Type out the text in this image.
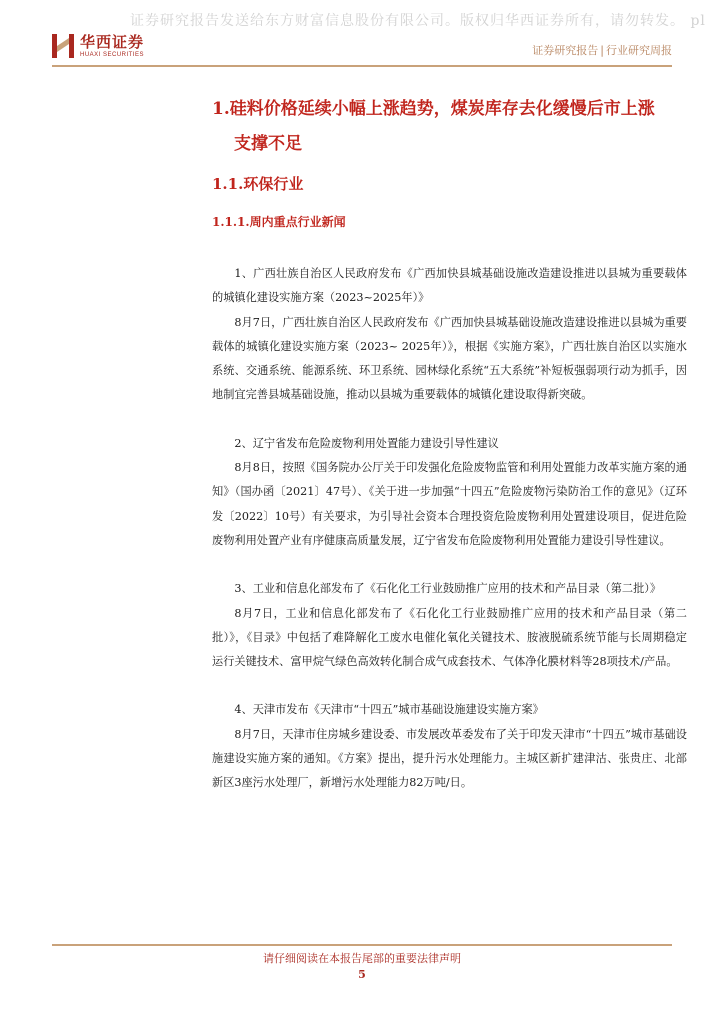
证券研究报告发送给东方财富信息股份有限公司。版权归华西证券所有，请勿转发。 pl
华西证券
HUAXI SECURITIES	证券研究报告 | 行业研究周报
1.硅料价格延续小幅上涨趋势，煤炭库存去化缓慢后市上涨
支撑不足
1.1.环保行业
1.1.1.周内重点行业新闻

1、广西壮族自治区人民政府发布《广西加快县城基础设施改造建设推进以县城为重要载体的城镇化建设实施方案（2023~2025年）》

8月7日，广西壮族自治区人民政府发布《广西加快县城基础设施改造建设推进以县城为重要载体的城镇化建设实施方案（2023~ 2025年）》，根据《实施方案》，广西壮族自治区以实施水系统、交通系统、能源系统、环卫系统、园林绿化系统“五大系统”补短板强弱项行动为抓手，因地制宜完善县城基础设施，推动以县城为重要载体的城镇化建设取得新突破。

2、辽宁省发布危险废物利用处置能力建设引导性建议

8月8日，按照《国务院办公厅关于印发强化危险废物监管和利用处置能力改革实施方案的通知》（国办函〔2021〕47号）、《关于进一步加强“十四五”危险废物污染防治工作的意见》（辽环发〔2022〕10号）有关要求，为引导社会资本合理投资危险废物利用处置建设项目，促进危险废物利用处置产业有序健康高质量发展，辽宁省发布危险废物利用处置能力建设引导性建议。

3、工业和信息化部发布了《石化化工行业鼓励推广应用的技术和产品目录（第二批）》

8月7日，工业和信息化部发布了《石化化工行业鼓励推广应用的技术和产品目录（第二批）》，《目录》中包括了难降解化工废水电催化氧化关键技术、胺液脱硫系统节能与长周期稳定运行关键技术、富甲烷气绿色高效转化制合成气成套技术、气体净化膜材料等28项技术/产品。

4、天津市发布《天津市“十四五”城市基础设施建设实施方案》

8月7日，天津市住房城乡建设委、市发展改革委发布了关于印发天津市“十四五”城市基础设施建设实施方案的通知。《方案》提出，提升污水处理能力。主城区新扩建津沽、张贵庄、北部新区3座污水处理厂，新增污水处理能力82万吨/日。

请仔细阅读在本报告尾部的重要法律声明
5
